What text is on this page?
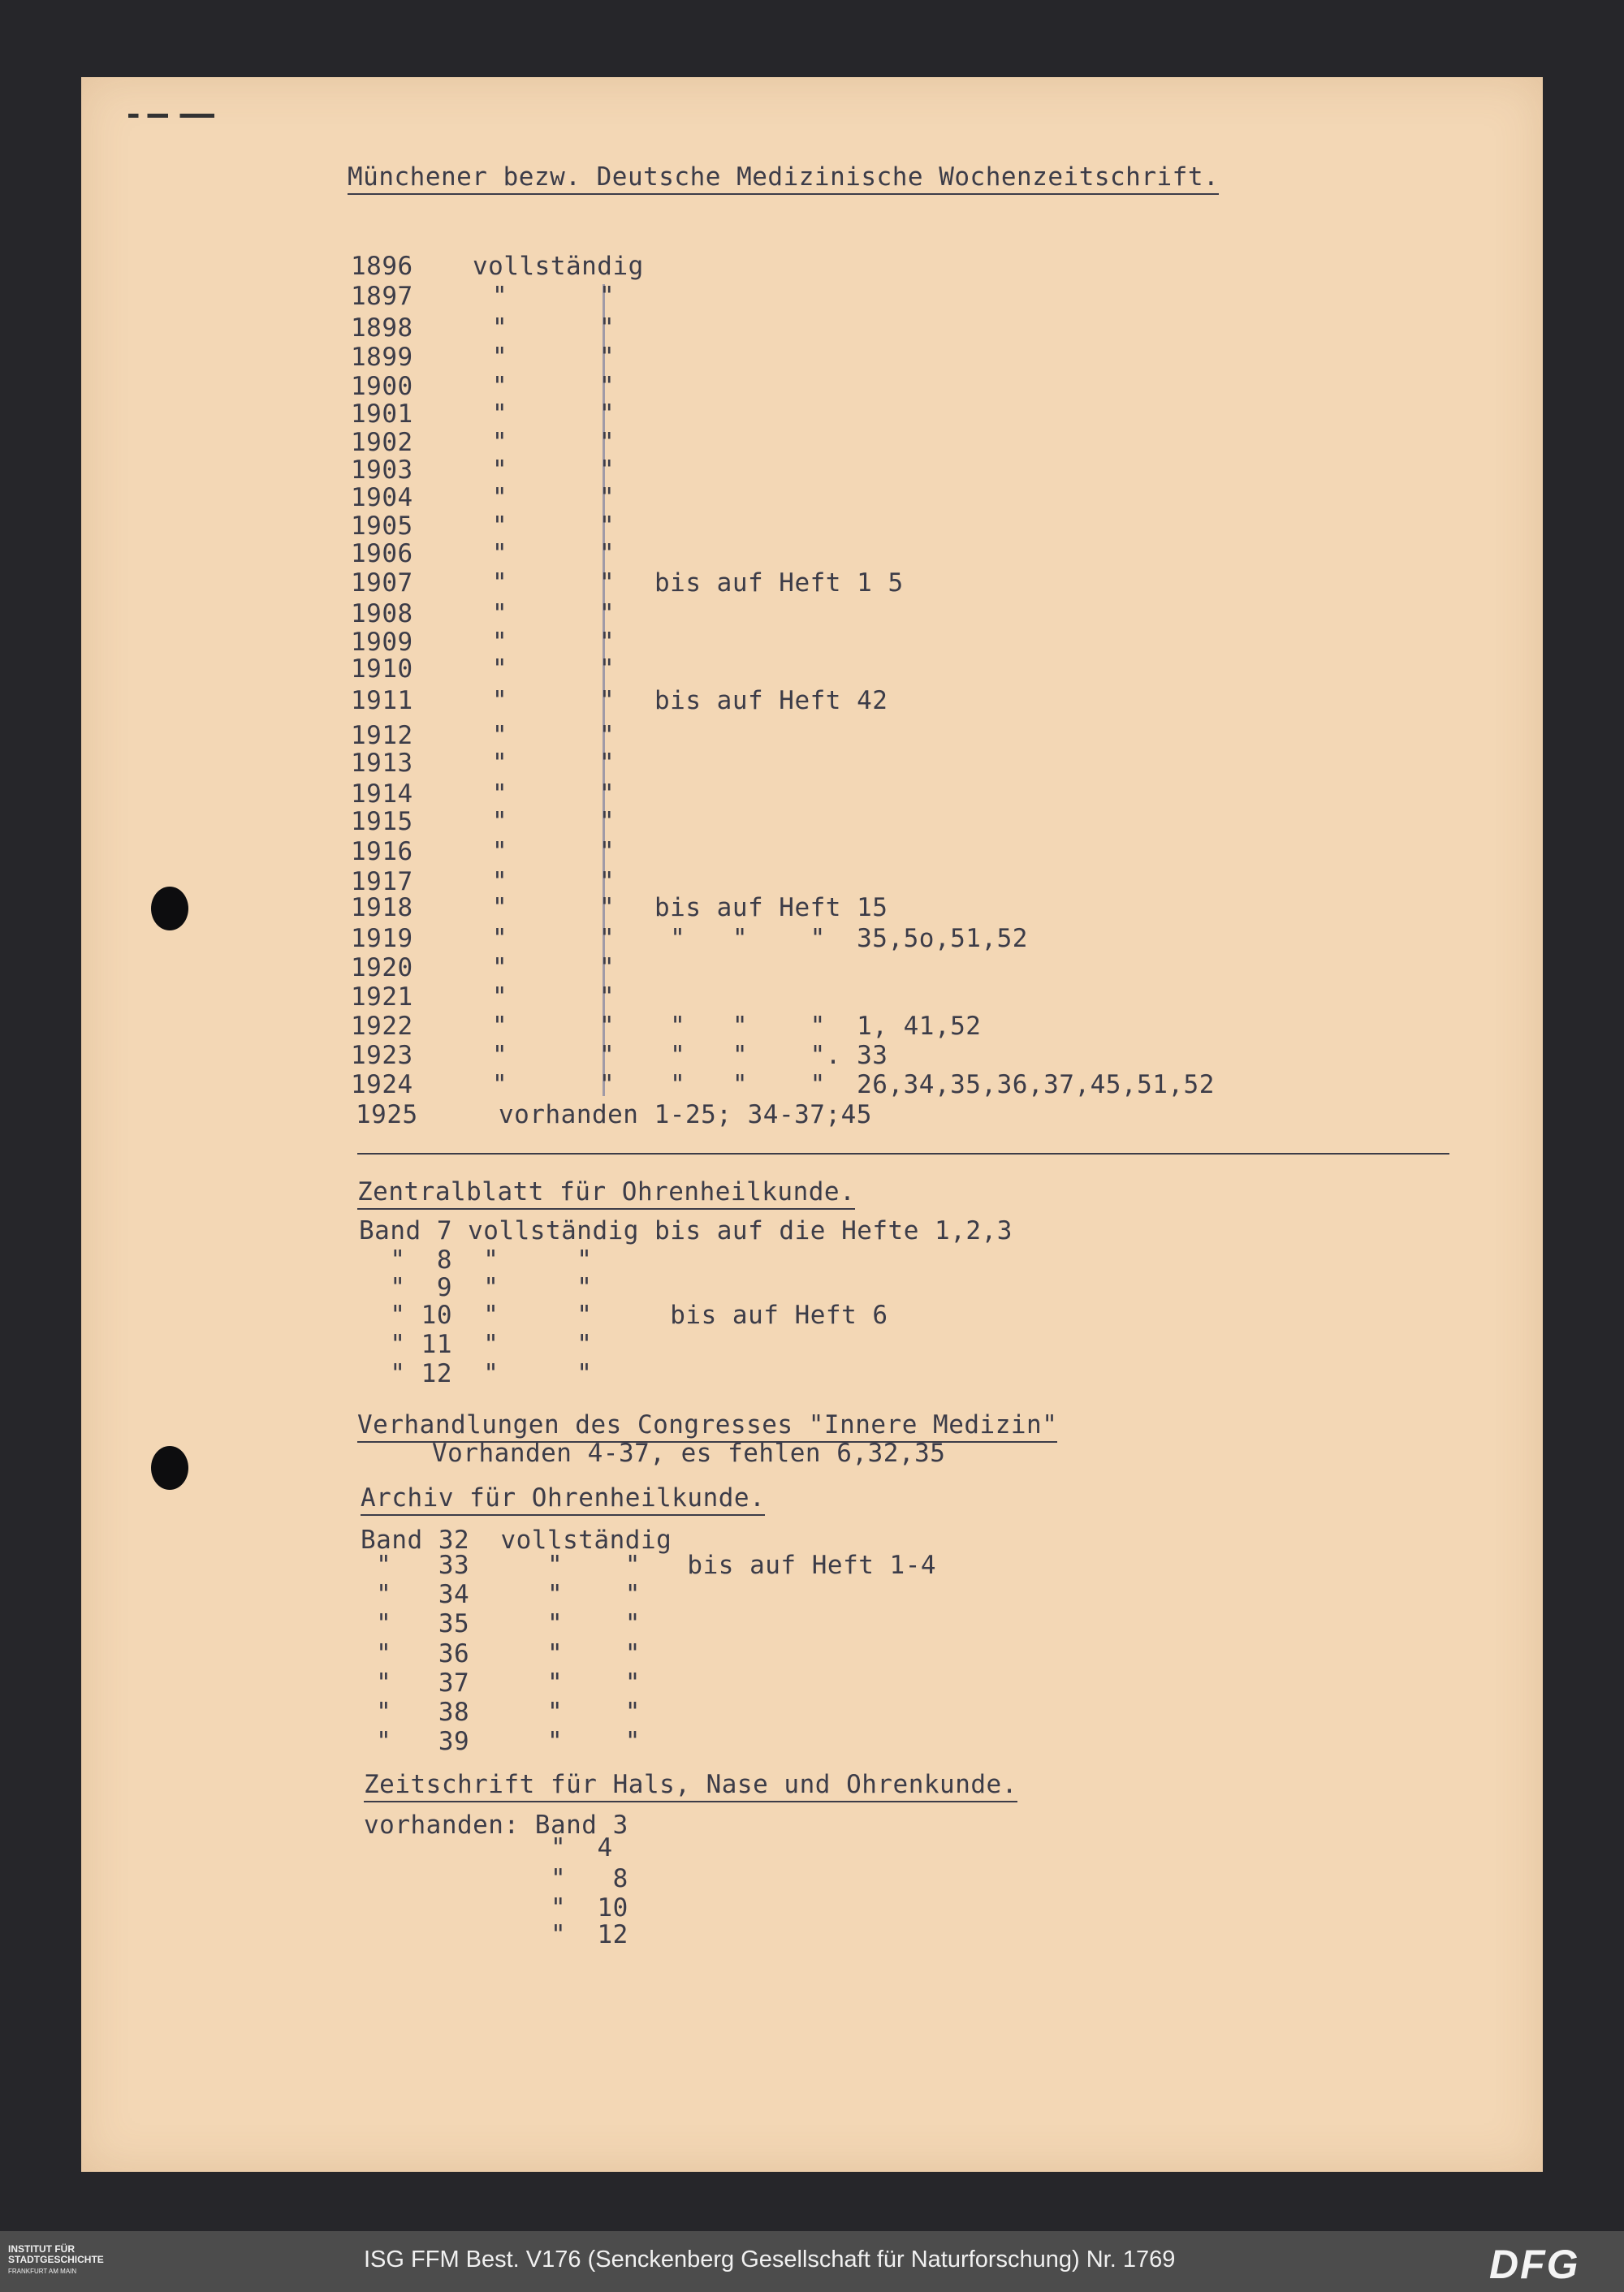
Münchener bezw. Deutsche Medizinische Wochenzeitschrift.
1896 vollständig
1897	"	"
1898	"	"
1899	"	"
1900	"	"
1901	"	"
1902	"	"
1903	"	"
1904	"	"
1905	"	"
1906	"	"
1907	"	" bis auf Heft 1 5
1908	"	"
1909	"	"
1910	"	"
1911	"	" bis auf Heft 42
1912	"	"
1913	"	"
1914	"	"
1915	"	"
1916	"	"
1917	"	"
1918	"	" bis auf Heft 15
1919	"	" "   "    "  35,5o,51,52
1920	"	"
1921	"	"
1922	"	" "   "    "  1, 41,52
1923	"	" "   "    ". 33
1924	"	" "   "    "  26,34,35,36,37,45,51,52
1925	vorhanden 1-25; 34-37;45
Zentralblatt für Ohrenheilkunde.
Band 7 vollständig bis auf die Hefte 1,2,3
"  8  "     "
"  9  "     "
" 10  "     "     bis auf Heft 6
" 11  "     "
" 12  "     "
Verhandlungen des Congresses "Innere Medizin"
Vorhanden 4-37, es fehlen 6,32,35
Archiv für Ohrenheilkunde.
Band 32  vollständig
"   33     "    "   bis auf Heft 1-4
"   34     "    "
"   35     "    "
"   36     "    "
"   37     "    "
"   38     "    "
"   39     "    "
Zeitschrift für Hals, Nase und Ohrenkunde.
vorhanden: Band 3
"  4
"   8
"  10
"  12
INSTITUT FÜR
STADTGESCHICHTE
FRANKFURT AM MAIN	ISG FFM Best. V176 (Senckenberg Gesellschaft für Naturforschung) Nr. 1769	DFG
